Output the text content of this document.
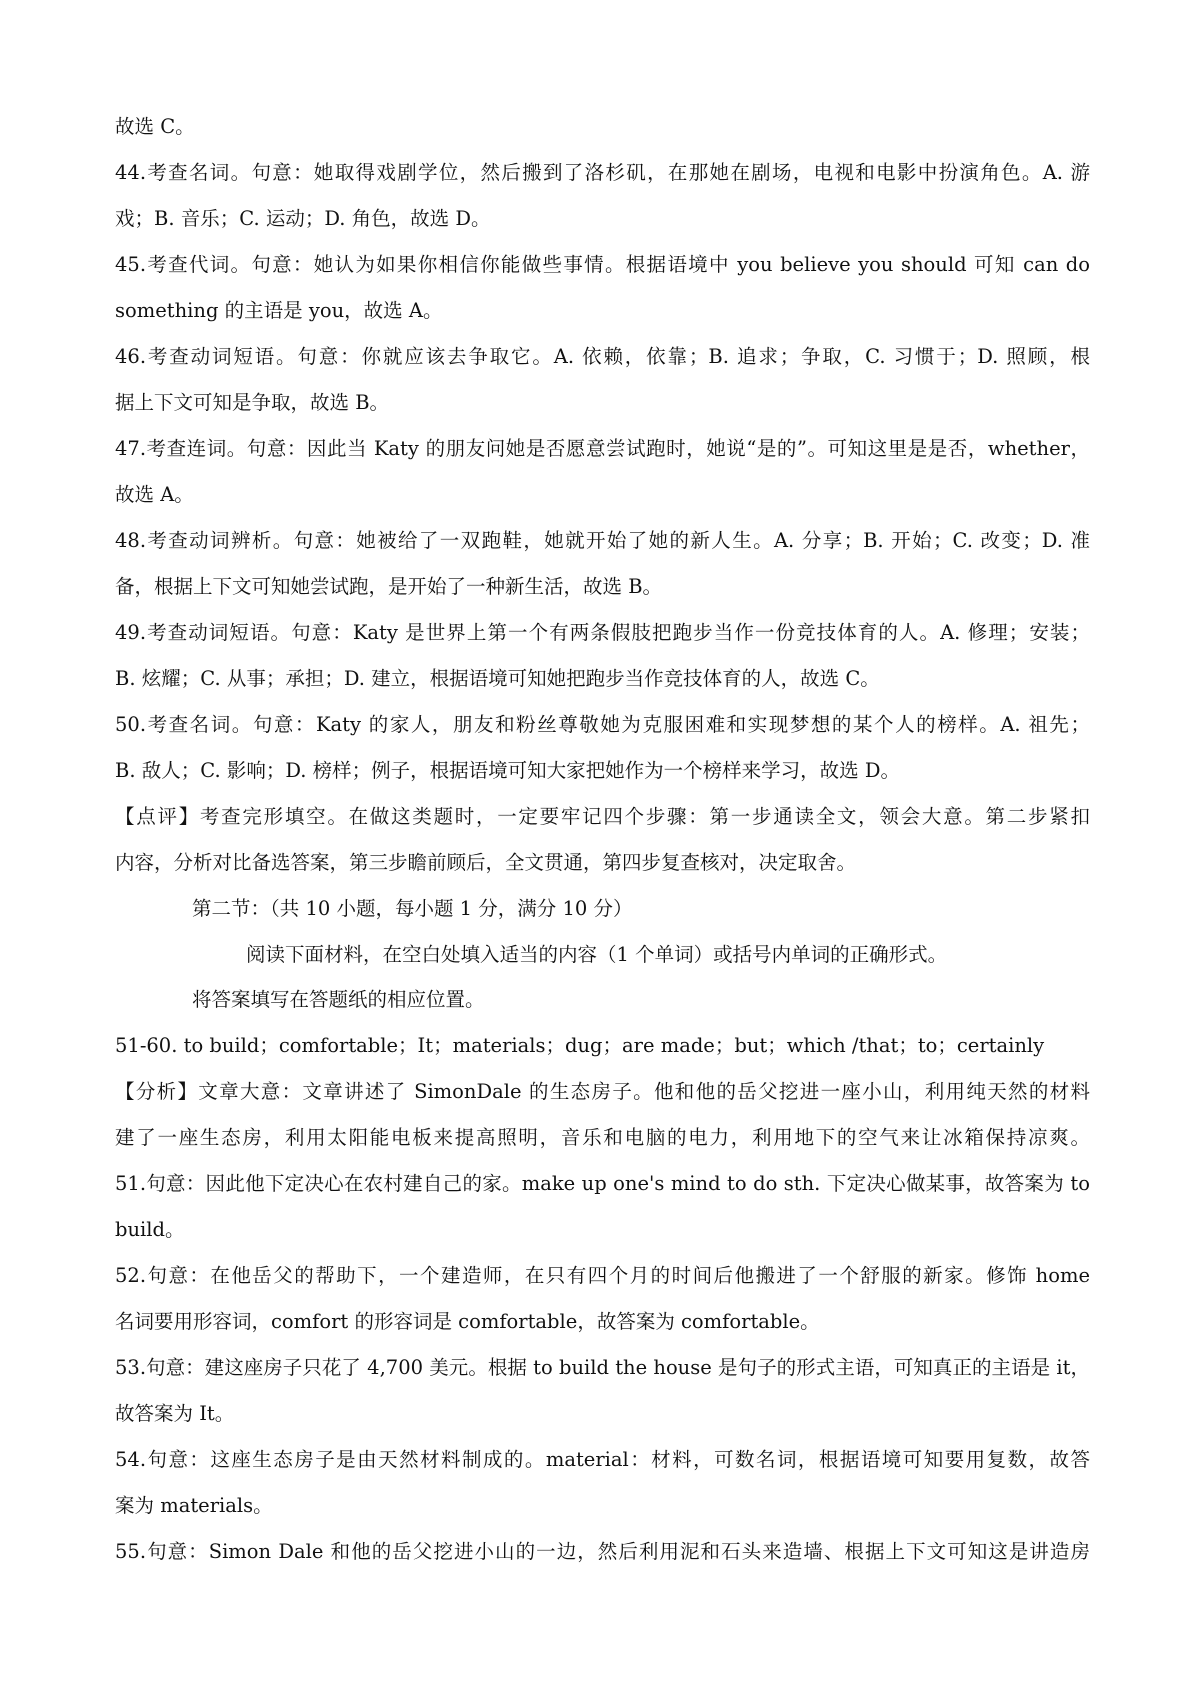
故选 C。
44.考查名词。句意：她取得戏剧学位，然后搬到了洛杉矶，在那她在剧场，电视和电影中扮演角色。A. 游
戏；B. 音乐；C. 运动；D. 角色，故选 D。
45.考查代词。句意：她认为如果你相信你能做些事情。根据语境中 you believe you should 可知 can do
something 的主语是 you，故选 A。
46.考查动词短语。句意：你就应该去争取它。A. 依赖，依靠；B. 追求；争取，C. 习惯于；D. 照顾，根
据上下文可知是争取，故选 B。
47.考查连词。句意：因此当 Katy 的朋友问她是否愿意尝试跑时，她说“是的”。可知这里是是否，whether，
故选 A。
48.考查动词辨析。句意：她被给了一双跑鞋，她就开始了她的新人生。A. 分享；B. 开始；C. 改变；D. 准
备，根据上下文可知她尝试跑，是开始了一种新生活，故选 B。
49.考查动词短语。句意：Katy 是世界上第一个有两条假肢把跑步当作一份竞技体育的人。A. 修理；安装；
B. 炫耀；C. 从事；承担；D. 建立，根据语境可知她把跑步当作竞技体育的人，故选 C。
50.考查名词。句意：Katy 的家人，朋友和粉丝尊敬她为克服困难和实现梦想的某个人的榜样。A. 祖先；
B. 敌人；C. 影响；D. 榜样；例子，根据语境可知大家把她作为一个榜样来学习，故选 D。
【点评】考查完形填空。在做这类题时，一定要牢记四个步骤：第一步通读全文，领会大意。第二步紧扣
内容，分析对比备选答案，第三步瞻前顾后，全文贯通，第四步复查核对，决定取舍。
第二节：（共 10 小题，每小题 1 分，满分 10 分）
阅读下面材料，在空白处填入适当的内容（1 个单词）或括号内单词的正确形式。
将答案填写在答题纸的相应位置。
51-60. to build；comfortable；It；materials；dug；are made；but；which /that；to；certainly
【分析】文章大意：文章讲述了 SimonDale 的生态房子。他和他的岳父挖进一座小山，利用纯天然的材料
建了一座生态房，利用太阳能电板来提高照明，音乐和电脑的电力，利用地下的空气来让冰箱保持凉爽。
51.句意：因此他下定决心在农村建自己的家。make up one's mind to do sth. 下定决心做某事，故答案为 to
build。
52.句意：在他岳父的帮助下，一个建造师，在只有四个月的时间后他搬进了一个舒服的新家。修饰 home
名词要用形容词，comfort 的形容词是 comfortable，故答案为 comfortable。
53.句意：建这座房子只花了 4,700 美元。根据 to build the house 是句子的形式主语，可知真正的主语是 it，
故答案为 It。
54.句意：这座生态房子是由天然材料制成的。material：材料，可数名词，根据语境可知要用复数，故答
案为 materials。
55.句意：Simon Dale 和他的岳父挖进小山的一边，然后利用泥和石头来造墙、根据上下文可知这是讲造房
